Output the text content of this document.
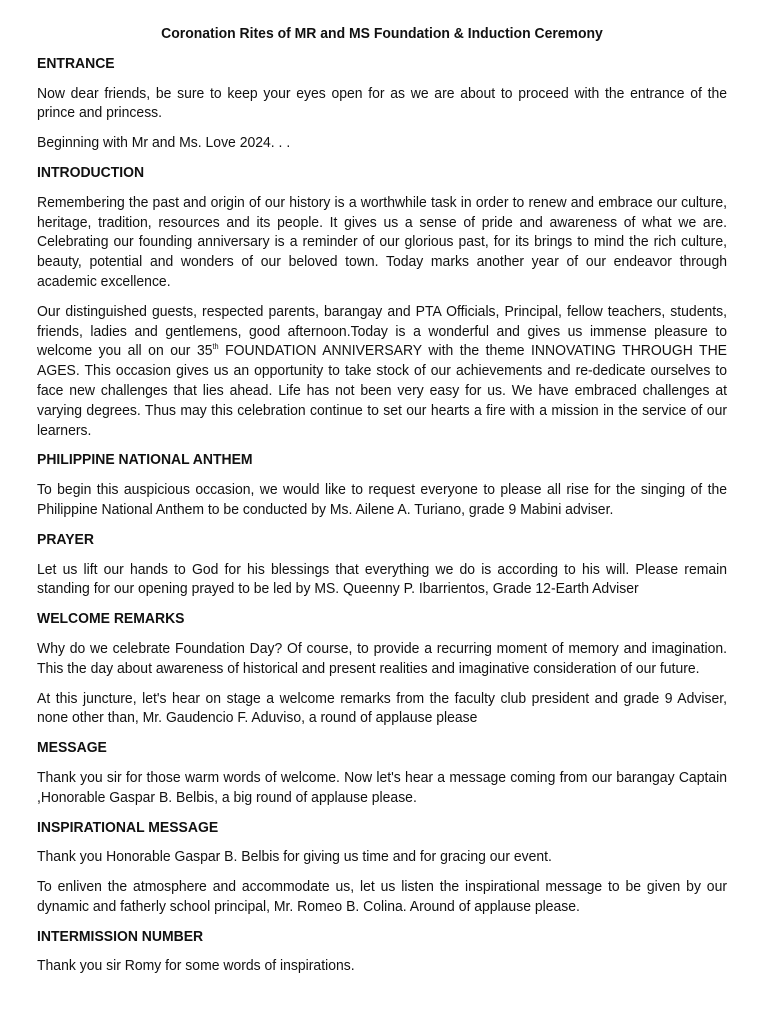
Coronation Rites of MR and MS Foundation & Induction Ceremony
ENTRANCE
Now dear friends, be sure to keep your eyes open for as we are about to proceed with the entrance of the prince and princess.
Beginning with Mr and Ms. Love 2024. . .
INTRODUCTION
Remembering the past and origin of our history is a worthwhile task in order to renew and embrace our culture, heritage, tradition, resources and its people. It gives us a sense of pride and awareness of what we are. Celebrating our founding anniversary is a reminder of our glorious past, for its brings to mind the rich culture, beauty, potential and wonders of our beloved town. Today marks another year of our endeavor through academic excellence.
Our distinguished guests, respected parents, barangay and PTA Officials, Principal, fellow teachers, students, friends, ladies and gentlemens, good afternoon.Today is a wonderful and gives us immense pleasure to welcome you all on our 35th FOUNDATION ANNIVERSARY with the theme INNOVATING THROUGH THE AGES. This occasion gives us an opportunity to take stock of our achievements and re-dedicate ourselves to face new challenges that lies ahead. Life has not been very easy for us. We have embraced challenges at varying degrees. Thus may this celebration continue to set our hearts a fire with a mission in the service of our learners.
PHILIPPINE NATIONAL ANTHEM
To begin this auspicious occasion, we would like to request everyone to please all rise for the singing of the Philippine National Anthem to be conducted by Ms. Ailene A. Turiano, grade 9 Mabini adviser.
PRAYER
Let us lift our hands to God for his blessings that everything we do is according to his will. Please remain standing for our opening prayed to be led by MS. Queenny P. Ibarrientos, Grade 12-Earth Adviser
WELCOME REMARKS
Why do we celebrate Foundation Day? Of course, to provide a recurring moment of memory and imagination. This the day about awareness of historical and present realities and imaginative consideration of our future.
At this juncture, let's hear on stage a welcome remarks from the faculty club president and grade 9 Adviser, none other than, Mr. Gaudencio F. Aduviso, a round of applause please
MESSAGE
Thank you sir for those warm words of welcome. Now let's hear a message coming from our barangay Captain ,Honorable Gaspar B. Belbis, a big round of applause please.
INSPIRATIONAL MESSAGE
Thank you Honorable Gaspar B. Belbis for giving us time and for gracing our event.
To enliven the atmosphere and accommodate us, let us listen the inspirational message to be given by our dynamic and fatherly school principal, Mr. Romeo B. Colina. Around of applause please.
INTERMISSION NUMBER
Thank you sir Romy for some words of inspirations.
